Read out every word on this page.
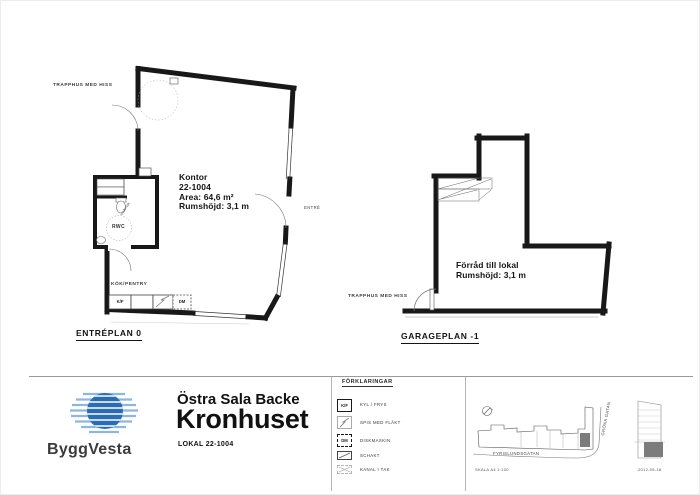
TRAPPHUS MED HISS
Kontor
22-1004
Area: 64,6 m²
Rumshöjd: 3,1 m	ENTRÉ
RWC
undertak
KÖK/PENTRY
K/F	DM
ENTRÉPLAN 0
Förråd till lokal
Rumshöjd: 3,1 m
TRAPPHUS MED HISS
GARAGEPLAN -1
ByggVesta
Östra Sala Backe
Kronhuset
LOKAL 22-1004
FÖRKLARINGAR
K/F	KYL / FRYS
SPIS MED FLÄKT
DM	DISKMASKIN
SCHAKT
KANAL I TAK
FYRISLUNDSGATAN
GRÖNA GATAN
SKALA A4 1:100	2012-05-18
